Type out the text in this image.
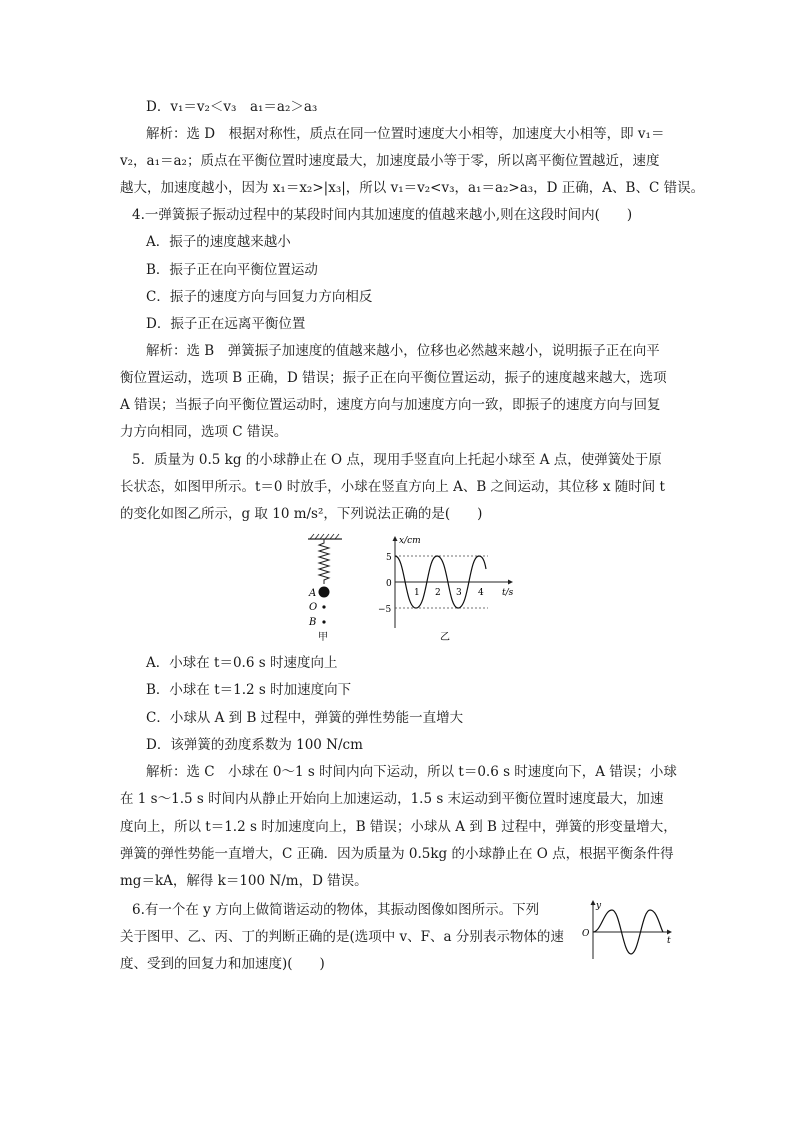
D．v₁＝v₂＜v₃　a₁＝a₂＞a₃
解析：选 D　根据对称性，质点在同一位置时速度大小相等，加速度大小相等，即 v₁＝
v₂，a₁＝a₂；质点在平衡位置时速度最大，加速度最小等于零，所以离平衡位置越近，速度
越大，加速度越小，因为 x₁＝x₂>|x₃|，所以 v₁＝v₂<v₃，a₁＝a₂>a₃，D 正确，A、B、C 错误。
4.一弹簧振子振动过程中的某段时间内其加速度的值越来越小,则在这段时间内(　　)
A．振子的速度越来越小
B．振子正在向平衡位置运动
C．振子的速度方向与回复力方向相反
D．振子正在远离平衡位置
解析：选 B　弹簧振子加速度的值越来越小，位移也必然越来越小，说明振子正在向平
衡位置运动，选项 B 正确，D 错误；振子正在向平衡位置运动，振子的速度越来越大，选项
A 错误；当振子向平衡位置运动时，速度方向与加速度方向一致，即振子的速度方向与回复
力方向相同，选项 C 错误。
5．质量为 0.5 kg 的小球静止在 O 点，现用手竖直向上托起小球至 A 点，使弹簧处于原
长状态，如图甲所示。t＝0 时放手，小球在竖直方向上 A、B 之间运动，其位移 x 随时间 t
的变化如图乙所示，g 取 10 m/s²，下列说法正确的是(　　)
A
O
B
甲
x/cm
t/s
0
5
−5
1 2 3 4
乙
A．小球在 t＝0.6 s 时速度向上
B．小球在 t＝1.2 s 时加速度向下
C．小球从 A 到 B 过程中，弹簧的弹性势能一直增大
D．该弹簧的劲度系数为 100 N/cm
解析：选 C　小球在 0～1 s 时间内向下运动，所以 t＝0.6 s 时速度向下，A 错误；小球
在 1 s～1.5 s 时间内从静止开始向上加速运动，1.5 s 末运动到平衡位置时速度最大，加速
度向上，所以 t＝1.2 s 时加速度向上，B 错误；小球从 A 到 B 过程中，弹簧的形变量增大，
弹簧的弹性势能一直增大，C 正确．因为质量为 0.5kg 的小球静止在 O 点，根据平衡条件得
mg＝kA，解得 k＝100 N/m，D 错误。
6.有一个在 y 方向上做简谐运动的物体，其振动图像如图所示。下列
关于图甲、乙、丙、丁的判断正确的是(选项中 v、F、a 分别表示物体的速
度、受到的回复力和加速度)(　　)
y
t
O
